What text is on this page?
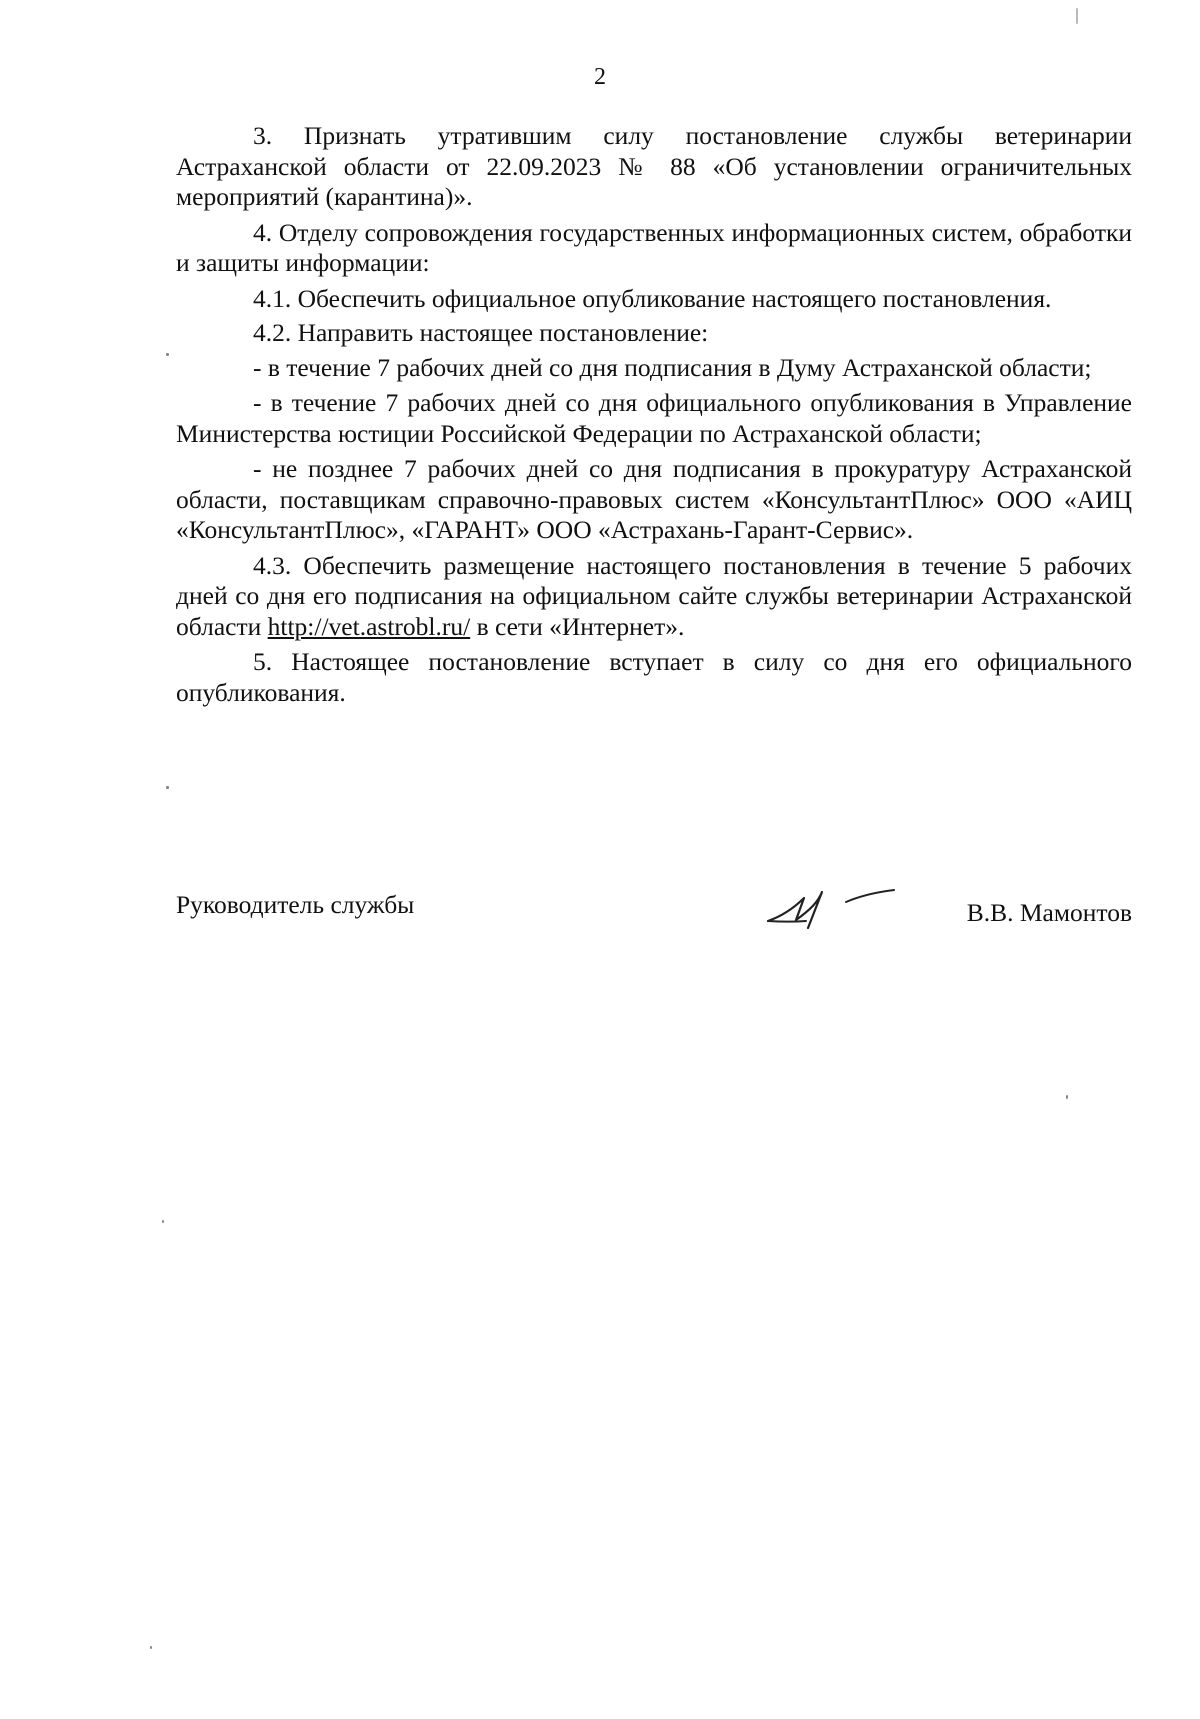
2

3. Признать утратившим силу постановление службы ветеринарии Астраханской области от 22.09.2023 № 88 «Об установлении ограничительных мероприятий (карантина)».

4. Отделу сопровождения государственных информационных систем, обработки и защиты информации:

4.1. Обеспечить официальное опубликование настоящего постановления.

4.2. Направить настоящее постановление:

- в течение 7 рабочих дней со дня подписания в Думу Астраханской области;

- в течение 7 рабочих дней со дня официального опубликования в Управление Министерства юстиции Российской Федерации по Астраханской области;

- не позднее 7 рабочих дней со дня подписания в прокуратуру Астраханской области, поставщикам справочно-правовых систем «КонсультантПлюс» ООО «АИЦ «КонсультантПлюс», «ГАРАНТ» ООО «Астрахань-Гарант-Сервис».

4.3. Обеспечить размещение настоящего постановления в течение 5 рабочих дней со дня его подписания на официальном сайте службы ветеринарии Астраханской области http://vet.astrobl.ru/ в сети «Интернет».

5. Настоящее постановление вступает в силу со дня его официального опубликования.

Руководитель службы	В.В. Мамонтов
